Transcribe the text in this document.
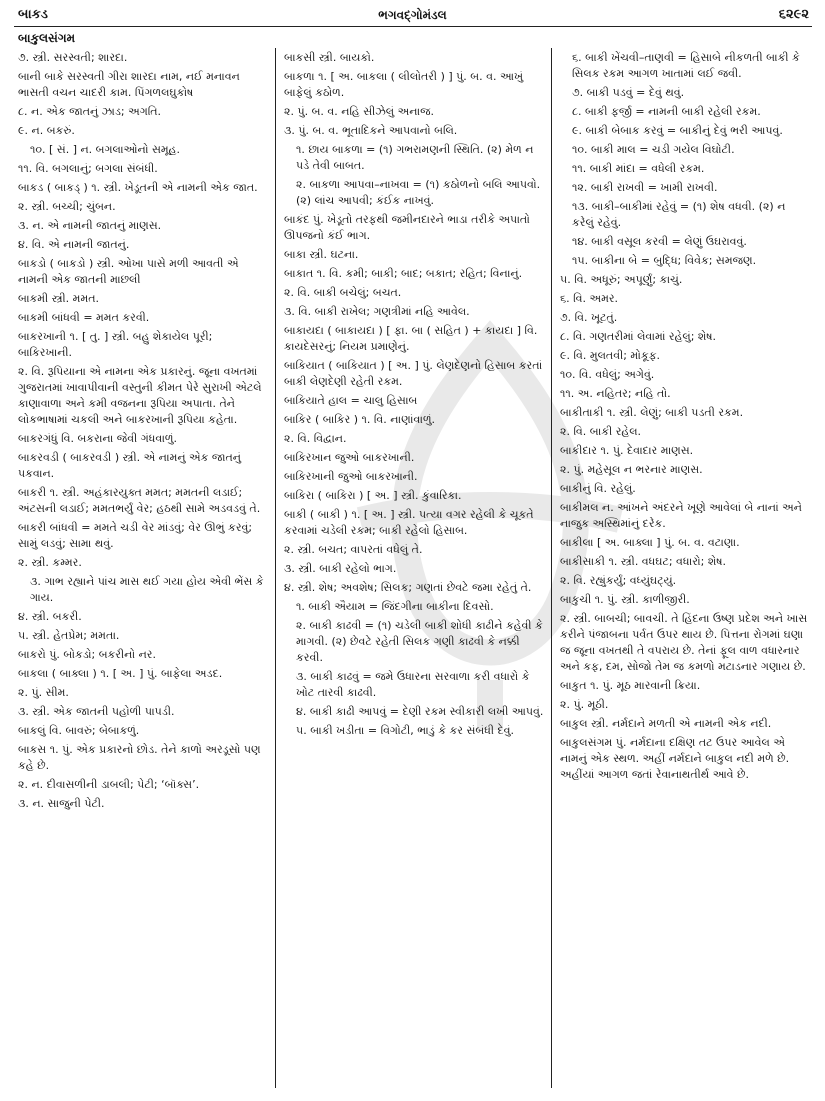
બાકડ	ભગવદ્ગોમંડલ	૬૨૯૨
બાકુલસંગમ

૭. સ્ત્રી. સરસ્વતી; શારદા.

બાની બાકે સરસ્વતી ગીરા શારદા નામ, નઈ મનાવન ભાસતી વચન ચાદરી કામ. પિંગળલઘુકોષ

૮. ન. એક જાતનું ઝાડ; અગતિ.

૯. ન. બકરું.

૧૦. [ સં. ] ન. બગલાઓનો સમૂહ.

૧૧. વિ. બગલાનું; બગલા સંબંધી.

બાકડ ( બાકડ્ ) ૧. સ્ત્રી. ખેડૂતની એ નામની એક જાત.

૨. સ્ત્રી. બચ્ચી; ચુંબન.

૩. ન. એ નામની જાતનું માણસ.

૪. વિ. એ નામની જાતનું.

બાકડો ( બાકડો ) સ્ત્રી. ઓખા પાસે મળી આવતી એ નામની એક જાતની માછલી

બાકમી સ્ત્રી. મમત.

બાકમી બાંધવી = મમત કરવી.

બાકરખાની ૧. [ તુ. ] સ્ત્રી. બહુ શેકાયેલ પૂરી; બાકિરખાની.

૨. વિ. રૂપિયાના એ નામના એક પ્રકારનું. જૂના વખતમાં ગુજરાતમાં ખાવાપીવાની વસ્તુની કીમત પેરે સુરાખી એટલે કાણાવાળા અને કમી વજનના રૂપિયા અપાતા. તેને લોકભાષામાં ચકલી અને બાકરખાની રૂપિયા કહેતા.

બાકરગંધું વિ. બકરાના જેવી ગંધવાળું.

બાકરવડી ( બાકરવડી ) સ્ત્રી. એ નામનું એક જાતનું પકવાન.

બાકરી ૧. સ્ત્રી. અહંકારયુક્ત મમત; મમતની લડાઈ; અંટસની લડાઈ; મમતભર્યું વેર; હઠથી સામે અડવડવું તે.

બાકરી બાંધવી = મમતે ચડી વેર માંડવું; વેર ઊભું કરવું; સામું લડવું; સામા થવું.

૨. સ્ત્રી. કમ્મર.

૩. ગાભ રહ્યાને પાંચ માસ થઈ ગયા હોય એવી ભેંસ કે ગાય.

૪. સ્ત્રી. બકરી.

૫. સ્ત્રી. હેતપ્રેમ; મમતા.

બાકરો પું. બોકડો; બકરીનો નર.

બાકલા ( બાક્લા ) ૧. [ અ. ] પું. બાફેલા અડદ.

૨. પું. સીમ.

૩. સ્ત્રી. એક જાતની પહોળી પાપડી.

બાકલું વિ. બાવરું; બેબાકળું.

બાકસ ૧. પું. એક પ્રકારનો છોડ. તેને કાળો અરડૂસો પણ કહે છે.

૨. ન. દીવાસળીની ડાબલી; પેટી; ‘બૉક્સ’.

૩. ન. સાજુની પેટી.

બાકસી સ્ત્રી. બાયકો.

બાકળા ૧. [ અ. બાકલા ( લીલોતરી ) ] પું. બ. વ. આખું બાફેલું કઠોળ.

૨. પું. બ. વ. નહિ સીઝેલું અનાજ.

૩. પું. બ. વ. ભૂતાદિકને આપવાનો બલિ.

૧. છાય બાકળા = (૧) ગભરામણની સ્થિતિ. (૨) મેળ ન પડે તેવી બાબત.

૨. બાકળા આપવા–નાખવા = (૧) કઠોળનો બલિ આપવો. (૨) લાંચ આપવી; કંઈક નાખવું.

બાકંદ પું. ખેડૂતો તરફથી જમીનદારને ભાડા તરીકે અપાતો ઊપજનો કંઈ ભાગ.

બાકા સ્ત્રી. ઘટના.

બાકાત ૧. વિ. કમી; બાકી; બાદ; બકાત; રહિત; વિનાનું.

૨. વિ. બાકી બચેલું; બચત.

૩. વિ. બાકી રાખેલ; ગણત્રીમાં નહિ આવેલ.

બાકાયદા ( બાકાયદા ) [ ફા. બા ( સહિત ) + કાયદા ] વિ. કાયદેસરનું; નિયમ પ્રમાણેનું.

બાકિયાત ( બાકિયાત ) [ અ. ] પું. લેણદેણનો હિસાબ કરતાં બાકી લેણદેણી રહેતી રકમ.

બાકિયાતે હાલ = ચાલુ હિસાબ

બાકિર ( બાકિર ) ૧. વિ. નાણાંવાળું.

૨. વિ. વિદ્વાન.

બાકિરખાન જુઓ બાકરખાની.

બાકિરખાની જુઓ બાકરખાની.

બાકિરા ( બાકિરા ) [ અ. ] સ્ત્રી. કુંવારિકા.

બાકી ( બાકી ) ૧. [ અ. ] સ્ત્રી. પત્યા વગર રહેલી કે ચૂકતે કરવામાં ચડેલી રકમ; બાકી રહેલો હિસાબ.

૨. સ્ત્રી. બચત; વાપરતાં વધેલું તે.

૩. સ્ત્રી. બાકી રહેલો ભાગ.

૪. સ્ત્રી. શેષ; અવશેષ; સિલક; ગણતાં છેવટે જમા રહેતું તે.

૧. બાકી ઐયામ = જિંદગીના બાકીના દિવસો.

૨. બાકી કાઢવી = (૧) ચડેલી બાકી શોધી કાઢીને કહેવી કે માગવી. (૨) છેવટે રહેતી સિલક ગણી કાઢવી કે નક્કી કરવી.

૩. બાકી કાઢવું = જમે ઉધારના સરવાળા કરી વધારો કે ખોટ તારવી કાઢવી.

૪. બાકી કાઢી આપવું = દેણી રકમ સ્વીકારી લખી આપવું.

૫. બાકી ખડીતા = વિગોટી, ભાડું કે કર સંબંધી દેવું.

૬. બાકી ખેંચવી–તાણવી = હિસાબે નીકળતી બાકી કે સિલક રકમ આગળ ખાતામાં લઈ જવી.

૭. બાકી પડવું = દેવું થવું.

૮. બાકી ફર્જી = નામની બાકી રહેલી રકમ.

૯. બાકી બેબાક કરવું = બાકીનું દેવું ભરી આપવું.

૧૦. બાકી માલ = ચડી ગયેલ વિઘોટી.

૧૧. બાકી માંદા = વધેલી રકમ.

૧૨. બાકી રાખવી = ખામી રાખવી.

૧૩. બાકી–બાકીમાં રહેવું = (૧) શેષ વધવી. (૨) ન કરેલું રહેવું.

૧૪. બાકી વસૂલ કરવી = લેણું ઉઘરાવવું.

૧૫. બાકીના બે = બુદ્ધિ; વિવેક; સમજણ.

૫. વિ. અધૂરું; અપૂર્ણું; કાચું.

૬. વિ. અમર.

૭. વિ. ખૂટતું.

૮. વિ. ગણતરીમાં લેવામાં રહેલું; શેષ.

૯. વિ. મુલતવી; મોકૂફ.

૧૦. વિ. વધેલું; અગેવું.

૧૧. અ. નહિતર; નહિ તો.

બાકીતાકી ૧. સ્ત્રી. લેણું; બાકી પડતી રકમ.

૨. વિ. બાકી રહેલ.

બાકીદાર ૧. પું. દેવાદાર માણસ.

૨. પું. મહેસૂલ ન ભરનાર માણસ.

બાકીનું વિ. રહેલું.

બાકીમલ ન. આંખને અંદરને ખૂણે આવેલાં બે નાનાં અને નાજુક અસ્થિમાંનું દરેક.

બાકીલા [ અ. બાક્લા ] પું. બ. વ. વટાણા.

બાકીસાકી ૧. સ્ત્રી. વધઘટ; વધારો; શેષ.

૨. વિ. રહ્યુંકર્યું; વધ્યુંઘટ્યું.

બાકુચી ૧. પું. સ્ત્રી. કાળીજીરી.

૨. સ્ત્રી. બાબચી; બાવચી. તે હિંદના ઉષ્ણ પ્રદેશ અને ખાસ કરીને પંજાબના પર્વત ઉપર થાય છે. પિત્તના રોગમાં ઘણા જ જૂના વખતથી તે વપરાય છે. તેનાં ફૂલ વાળ વધારનાર અને કફ, દમ, સોજો તેમ જ કમળો મટાડનાર ગણાય છે.

બાકુત ૧. પું. મૂઠ મારવાની ક્રિયા.

૨. પું. મૂઠી.

બાકુલ સ્ત્રી. નર્મદાને મળતી એ નામની એક નદી.

બાકુલસંગમ પું. નર્મદાના દક્ષિણ તટ ઉપર આવેલ એ નામનું એક સ્થળ. અહીં નર્મદાને બાકુલ નદી મળે છે. અહીંયાં આગળ જતાં રેવાનાથતીર્થ આવે છે.
